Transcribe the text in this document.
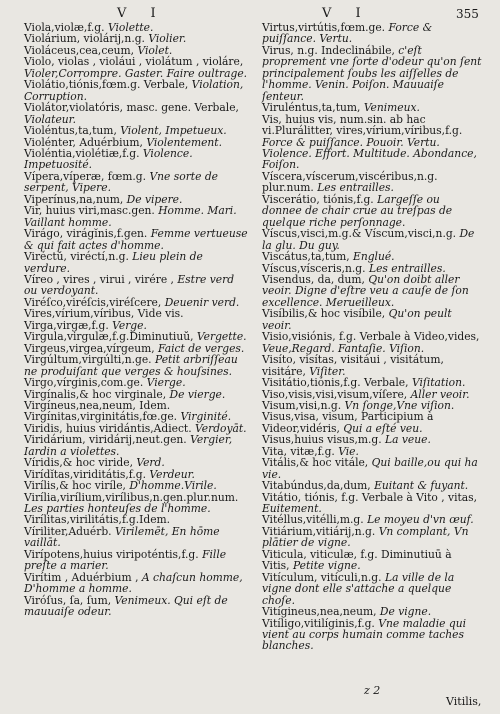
V I	V I	355
Viola,violæ,f.g. Violette.
Violárium, violárij,n.g. Violier.
Violáceus,cea,ceum, Violet.
Violo, violas , violáui , violátum , violáre, Violer,Corrompre. Gaster. Faire oultrage.
Violátio,tiónis,fœm.g. Verbale, Violation, Corruption.
Violátor,violatóris, masc. gene. Verbale, Violateur.
Violéntus,ta,tum, Violent, Impetueux.
Violénter, Aduérbium, Violentement.
Violéntia,violétiæ,f.g. Violence. Impetuosité.
Vípera,víperæ, fœm.g. Vne sorte de serpent, Vipere.
Viperínus,na,num, De vipere.
Vir, huius viri,masc.gen. Homme. Mari. Vaillant homme.
Virágo, virágĭnis,f.gen. Femme vertueuse & qui fait actes d'homme.
Viréctŭ, viréctí,n.g. Lieu plein de verdure.
Víreo , vires , virui , virére , Estre verd ou verdoyant.
Viréſco,viréſcis,viréſcere, Deuenir verd.
Vires,vírium,víribus, Vide vis.
Virga,virgæ,f.g. Verge.
Virgula,virgulæ,f.g.Diminutiuŭ, Vergette.
Virgeus,virgea,vírgeum, Faict de verges.
Virgúltum,virgúlti,n.ge. Petit arbriſſeau ne produiſant que verges & houſsines.
Virgo,vírginis,com.ge. Vierge.
Virgínalis,& hoc virginale, De vierge.
Virgíneus,nea,neum, Idem.
Virgínitas,virginitátis,fœ.ge. Virginité.
Viridis, huius viridántis,Adiect. Verdoyāt.
Viridárium, viridárij,neut.gen. Vergier, Iardin a violettes.
Víridis,& hoc viride, Verd.
Virídĭtas,viriditátis,f.g. Verdeur.
Virílis,& hoc viríle, D'homme.Virile.
Virília,virílium,virílibus,n.gen.plur.num. Les parties honteuſes de l'homme.
Virílitas,virilitátis,f.g.Idem.
Víriliter,Aduérb. Virilemēt, En hōme vaillāt.
Virípotens,huius viripoténtis,f.g. Fille preſte a marier.
Virítim , Aduérbium , A chaſcun homme, D'homme a homme.
Viróſus, ſa, ſum, Venimeux. Qui eſt de mauuaiſe odeur.
Virtus,virtútis,fœm.ge. Force & puiſſance. Vertu.
Virus, n.g. Indeclinábile, c'eſt proprement vne ſorte d'odeur qu'on ſent principalement ſoubs les aiſſelles de l'homme. Venin. Poiſon. Mauuaiſe ſenteur.
Viruléntus,ta,tum, Venimeux.
Vis, huius vis, num.sin. ab hac vi.Plurálitter, vires,vírium,víribus,f.g. Force & puiſſance. Pouoir. Vertu. Violence. Effort. Multitude. Abondance, Foiſon.
Víscera,víscerum,viscéribus,n.g. plur.num. Les entrailles.
Viscerátio, tiónis,f.g. Largeſſe ou donnee de chair crue au treſpas de quelque riche perſonnage.
Víscus,visci,m.g.& Víscum,visci,n.g. De la glu. Du guy.
Viscátus,ta,tum, Englué.
Víscus,vísceris,n.g. Les entrailles.
Visendus, da, dum, Qu'on doibt aller veoir. Digne d'eſtre veu a cauſe de ſon excellence. Merueilleux.
Visíbilis,& hoc visíbile, Qu'on peult veoir.
Visio,visiónis, f.g. Verbale à Video,vides, Veue,Regard. Fantaſie. Viſion.
Visíto, visítas, visitáui , visitátum, visitáre, Viſiter.
Visitátio,tiónis,f.g. Verbale, Viſitation.
Viso,visis,visi,visum,víſere, Aller veoir.
Visum,visi,n.g. Vn ſonge,Vne viſion.
Visus,visa, visum, Participium à Videor,vidéris, Qui a eſté veu.
Visus,huius visus,m.g. La veue.
Vita, vitæ,f.g. Vie.
Vitális,& hoc vitále, Qui baille,ou qui ha vie.
Vitabúndus,da,dum, Euitant & fuyant.
Vitátio, tiónis, f.g. Verbale à Vito , vitas, Euitement.
Vitéllus,vitélli,m.g. Le moyeu d'vn œuf.
Vitiárium,vitiárij,n.g. Vn complant, Vn plātier de vigne.
Viticula, viticulæ, f.g. Diminutiuū à Vitis, Petite vigne.
Vitículum, vitículi,n.g. La ville de la vigne dont elle s'attache a quelque choſe.
Vitígineus,nea,neum, De vigne.
Vitíligo,vitilíginis,f.g. Vne maladie qui vient au corps humain comme taches blanches.
z 2
Vitilis,
